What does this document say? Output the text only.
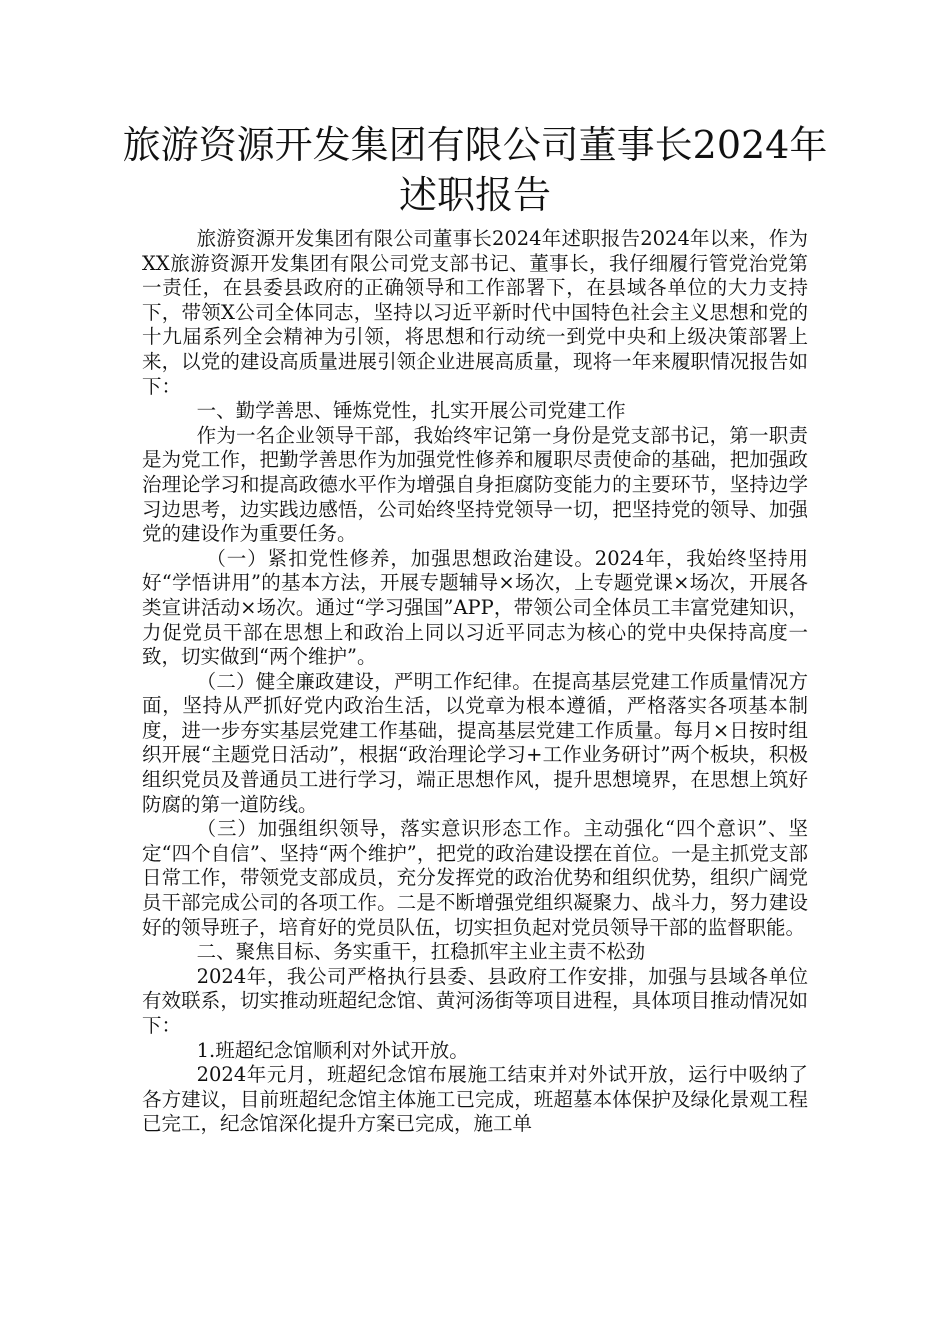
旅游资源开发集团有限公司董事长2024年述职报告

旅游资源开发集团有限公司董事长2024年述职报告2024年以来，作为XX旅游资源开发集团有限公司党支部书记、董事长，我仔细履行管党治党第一责任，在县委县政府的正确领导和工作部署下，在县域各单位的大力支持下，带领X公司全体同志，坚持以习近平新时代中国特色社会主义思想和党的十九届系列全会精神为引领，将思想和行动统一到党中央和上级决策部署上来，以党的建设高质量进展引领企业进展高质量，现将一年来履职情况报告如下：

一、勤学善思、锤炼党性，扎实开展公司党建工作

作为一名企业领导干部，我始终牢记第一身份是党支部书记，第一职责是为党工作，把勤学善思作为加强党性修养和履职尽责使命的基础，把加强政治理论学习和提高政德水平作为增强自身拒腐防变能力的主要环节，坚持边学习边思考，边实践边感悟，公司始终坚持党领导一切，把坚持党的领导、加强党的建设作为重要任务。

（一）紧扣党性修养，加强思想政治建设。2024年，我始终坚持用好“学悟讲用”的基本方法，开展专题辅导×场次，上专题党课×场次，开展各类宣讲活动×场次。通过“学习强国”APP，带领公司全体员工丰富党建知识，力促党员干部在思想上和政治上同以习近平同志为核心的党中央保持高度一致，切实做到“两个维护”。

（二）健全廉政建设，严明工作纪律。在提高基层党建工作质量情况方面，坚持从严抓好党内政治生活，以党章为根本遵循，严格落实各项基本制度，进一步夯实基层党建工作基础，提高基层党建工作质量。每月×日按时组织开展“主题党日活动”，根据“政治理论学习+工作业务研讨”两个板块，积极组织党员及普通员工进行学习，端正思想作风，提升思想境界，在思想上筑好防腐的第一道防线。

（三）加强组织领导，落实意识形态工作。主动强化“四个意识”、坚定“四个自信”、坚持“两个维护”，把党的政治建设摆在首位。一是主抓党支部日常工作，带领党支部成员，充分发挥党的政治优势和组织优势，组织广阔党员干部完成公司的各项工作。二是不断增强党组织凝聚力、战斗力，努力建设好的领导班子，培育好的党员队伍，切实担负起对党员领导干部的监督职能。

二、聚焦目标、务实重干，扛稳抓牢主业主责不松劲

2024年，我公司严格执行县委、县政府工作安排，加强与县域各单位有效联系，切实推动班超纪念馆、黄河汤街等项目进程，具体项目推动情况如下：

1.班超纪念馆顺利对外试开放。

2024年元月，班超纪念馆布展施工结束并对外试开放，运行中吸纳了各方建议，目前班超纪念馆主体施工已完成，班超墓本体保护及绿化景观工程已完工，纪念馆深化提升方案已完成，施工单
